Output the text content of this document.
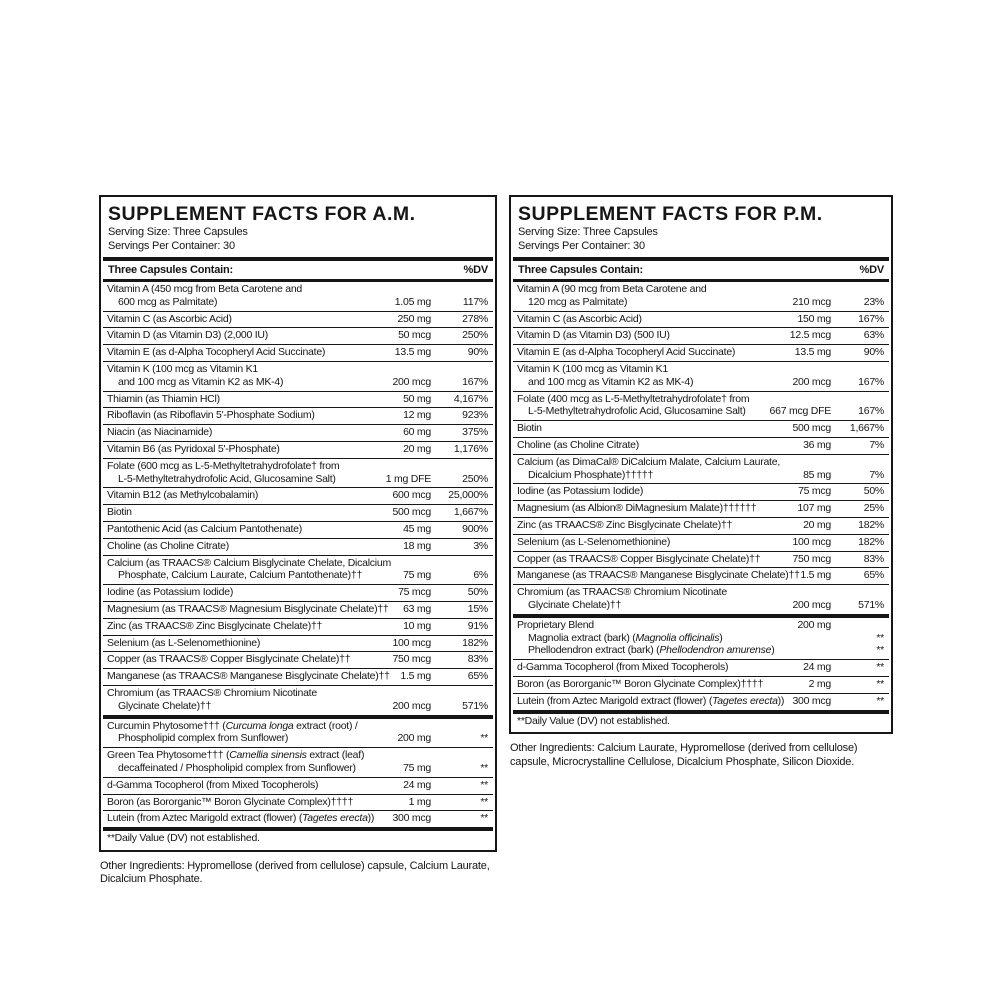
SUPPLEMENT FACTS FOR A.M.
Serving Size: Three Capsules
Servings Per Container: 30
Three Capsules Contain:	%DV
Vitamin A (450 mcg from Beta Carotene and
600 mcg as Palmitate)	1.05 mg	117%
Vitamin C (as Ascorbic Acid)	250 mg	278%
Vitamin D (as Vitamin D3) (2,000 IU)	50 mcg	250%
Vitamin E (as d-Alpha Tocopheryl Acid Succinate)	13.5 mg	90%
Vitamin K (100 mcg as Vitamin K1
and 100 mcg as Vitamin K2 as MK-4)	200 mcg	167%
Thiamin (as Thiamin HCl)	50 mg 4,167%
Riboflavin (as Riboflavin 5'-Phosphate Sodium)	12 mg	923%
Niacin (as Niacinamide)	60 mg	375%
Vitamin B6 (as Pyridoxal 5'-Phosphate)	20 mg 1,176%
Folate (600 mcg as L-5-Methyltetrahydrofolate† from
L-5-Methyltetrahydrofolic Acid, Glucosamine Salt)	1 mg DFE	250%
Vitamin B12 (as Methylcobalamin)	600 mcg 25,000%
Biotin	500 mcg 1,667%
Pantothenic Acid (as Calcium Pantothenate)	45 mg	900%
Choline (as Choline Citrate)	18 mg	3%
Calcium (as TRAACS® Calcium Bisglycinate Chelate, Dicalcium
Phosphate, Calcium Laurate, Calcium Pantothenate)††	75 mg	6%
Iodine (as Potassium Iodide)	75 mcg	50%
Magnesium (as TRAACS® Magnesium Bisglycinate Chelate)†† 63 mg	15%
Zinc (as TRAACS® Zinc Bisglycinate Chelate)††	10 mg	91%
Selenium (as L-Selenomethionine)	100 mcg	182%
Copper (as TRAACS® Copper Bisglycinate Chelate)††	750 mcg	83%
Manganese (as TRAACS® Manganese Bisglycinate Chelate)†† 1.5 mg	65%
Chromium (as TRAACS® Chromium Nicotinate
Glycinate Chelate)††	200 mcg	571%
Curcumin Phytosome††† (Curcuma longa extract (root) /
Phospholipid complex from Sunflower)	200 mg	**
Green Tea Phytosome††† (Camellia sinensis extract (leaf)
decaffeinated / Phospholipid complex from Sunflower)	75 mg	**
d-Gamma Tocopherol (from Mixed Tocopherols)	24 mg	**
Boron (as Bororganic™ Boron Glycinate Complex)††††	1 mg	**
Lutein (from Aztec Marigold extract (flower) (Tagetes erecta)) 300 mcg	**
**Daily Value (DV) not established.

Other Ingredients: Hypromellose (derived from cellulose) capsule, Calcium Laurate, Dicalcium Phosphate.

SUPPLEMENT FACTS FOR P.M.
Serving Size: Three Capsules
Servings Per Container: 30
Three Capsules Contain:	%DV
Vitamin A (90 mcg from Beta Carotene and
120 mcg as Palmitate)	210 mcg	23%
Vitamin C (as Ascorbic Acid)	150 mg	167%
Vitamin D (as Vitamin D3) (500 IU)	12.5 mcg	63%
Vitamin E (as d-Alpha Tocopheryl Acid Succinate)	13.5 mg	90%
Vitamin K (100 mcg as Vitamin K1
and 100 mcg as Vitamin K2 as MK-4)	200 mcg	167%
Folate (400 mcg as L-5-Methyltetrahydrofolate† from
L-5-Methyltetrahydrofolic Acid, Glucosamine Salt) 667 mcg DFE	167%
Biotin	500 mcg 1,667%
Choline (as Choline Citrate)	36 mg	7%
Calcium (as DimaCal® DiCalcium Malate, Calcium Laurate,
Dicalcium Phosphate)†††††	85 mg	7%
Iodine (as Potassium Iodide)	75 mcg	50%
Magnesium (as Albion® DiMagnesium Malate)††††††	107 mg	25%
Zinc (as TRAACS® Zinc Bisglycinate Chelate)††	20 mg	182%
Selenium (as L-Selenomethionine)	100 mcg	182%
Copper (as TRAACS® Copper Bisglycinate Chelate)††	750 mcg	83%
Manganese (as TRAACS® Manganese Bisglycinate Chelate)†† 1.5 mg	65%
Chromium (as TRAACS® Chromium Nicotinate
Glycinate Chelate)††	200 mcg	571%
Proprietary Blend	200 mg
Magnolia extract (bark) (Magnolia officinalis)	**
Phellodendron extract (bark) (Phellodendron amurense)	**
d-Gamma Tocopherol (from Mixed Tocopherols)	24 mg	**
Boron (as Bororganic™ Boron Glycinate Complex)††††	2 mg	**
Lutein (from Aztec Marigold extract (flower) (Tagetes erecta)) 300 mcg	**
**Daily Value (DV) not established.

Other Ingredients: Calcium Laurate, Hypromellose (derived from cellulose) capsule, Microcrystalline Cellulose, Dicalcium Phosphate, Silicon Dioxide.
